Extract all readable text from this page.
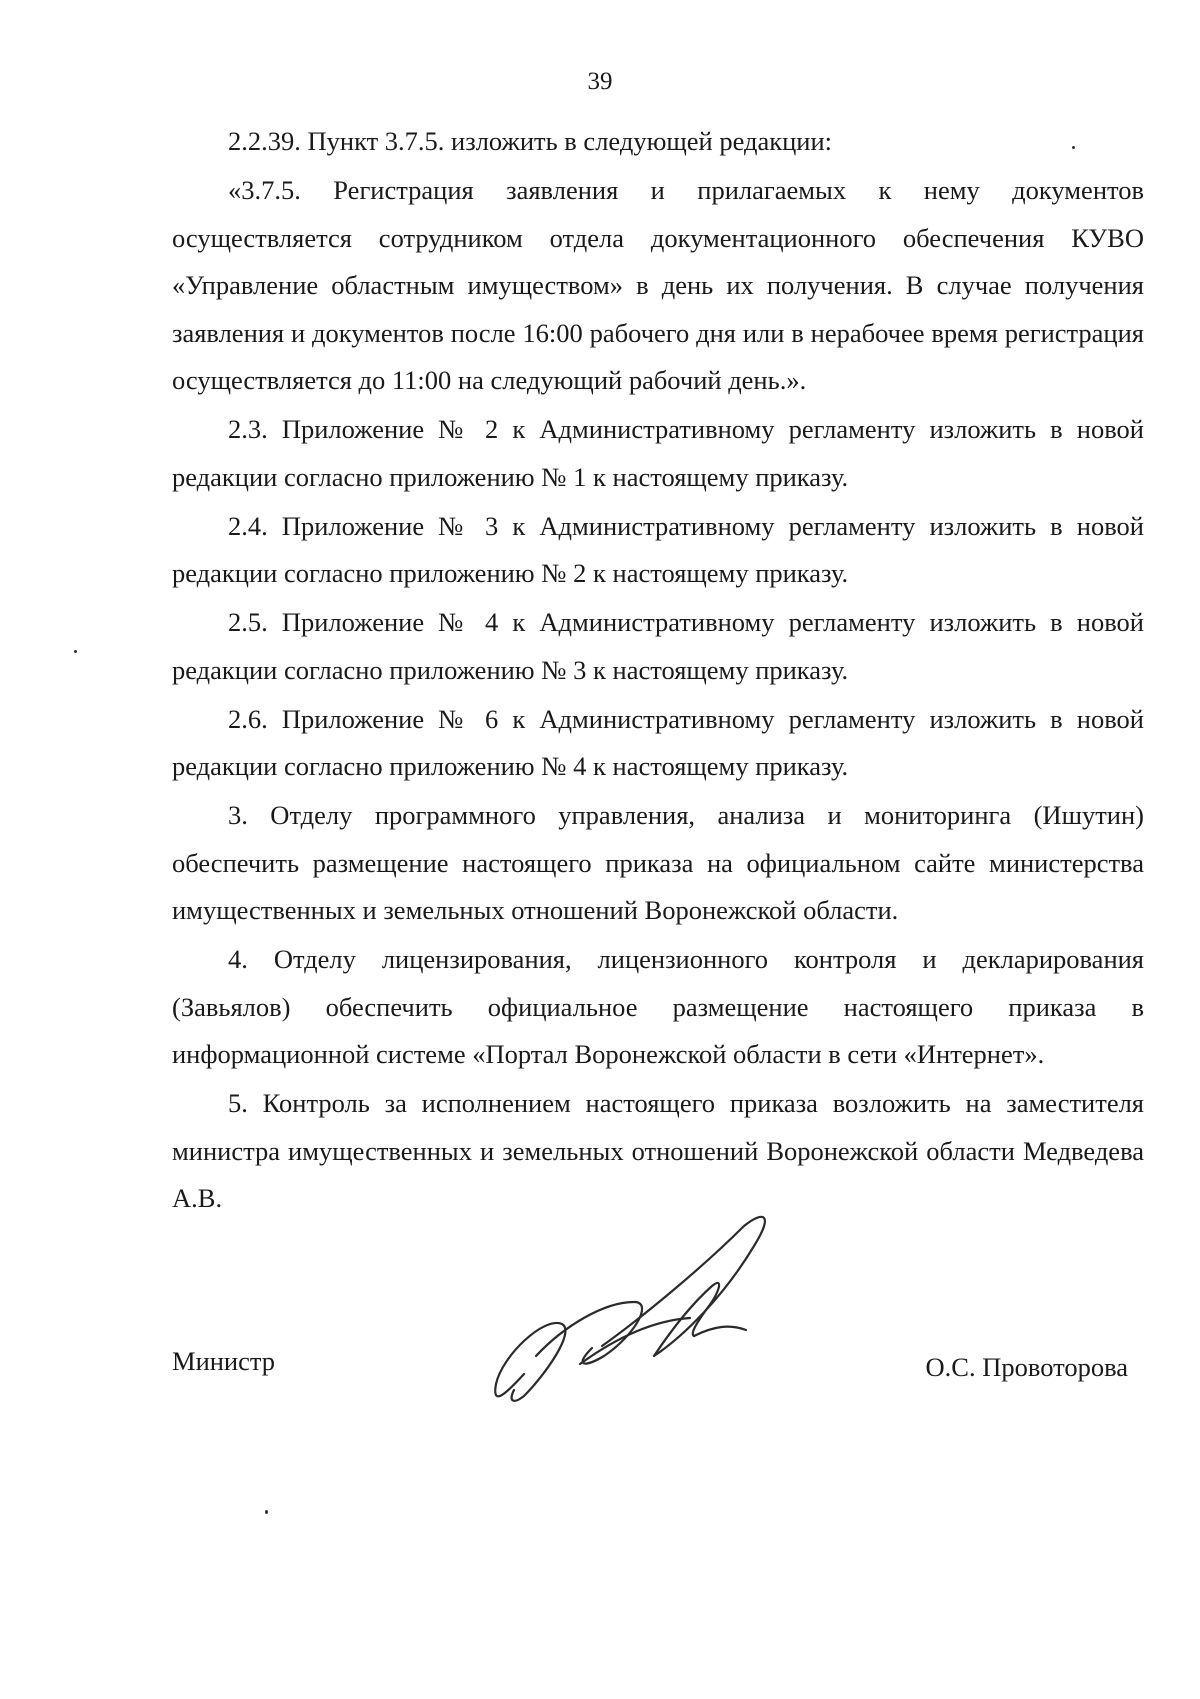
39

2.2.39. Пункт 3.7.5. изложить в следующей редакции:

«3.7.5. Регистрация заявления и прилагаемых к нему документов осуществляется сотрудником отдела документационного обеспечения КУВО «Управление областным имуществом» в день их получения. В случае получения заявления и документов после 16:00 рабочего дня или в нерабочее время регистрация осуществляется до 11:00 на следующий рабочий день.».

2.3. Приложение № 2 к Административному регламенту изложить в новой редакции согласно приложению № 1 к настоящему приказу.

2.4. Приложение № 3 к Административному регламенту изложить в новой редакции согласно приложению № 2 к настоящему приказу.

2.5. Приложение № 4 к Административному регламенту изложить в новой редакции согласно приложению № 3 к настоящему приказу.

2.6. Приложение № 6 к Административному регламенту изложить в новой редакции согласно приложению № 4 к настоящему приказу.

3. Отделу программного управления, анализа и мониторинга (Ишутин) обеспечить размещение настоящего приказа на официальном сайте министерства имущественных и земельных отношений Воронежской области.

4. Отделу лицензирования, лицензионного контроля и декларирования (Завьялов) обеспечить официальное размещение настоящего приказа в информационной системе «Портал Воронежской области в сети «Интернет».

5. Контроль за исполнением настоящего приказа возложить на заместителя министра имущественных и земельных отношений Воронежской области Медведева А.В.

Министр	О.С. Провоторова
